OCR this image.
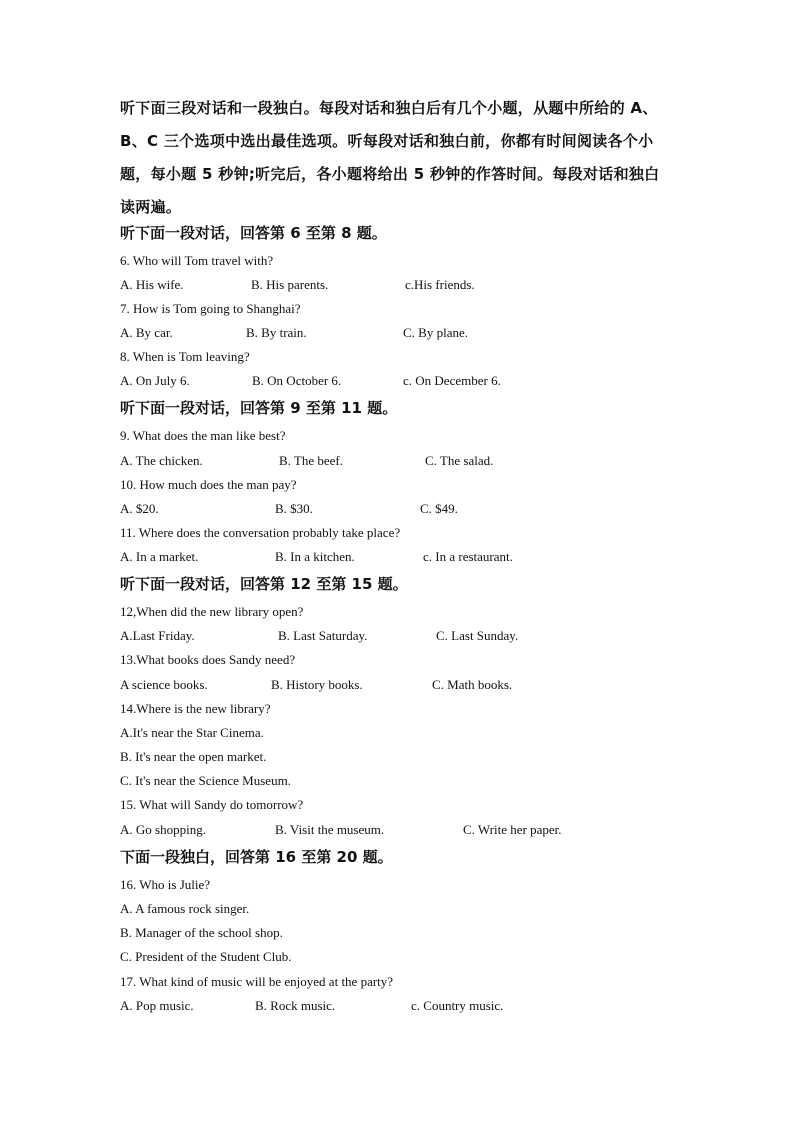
听下面三段对话和一段独白。每段对话和独白后有几个小题，从题中所给的 A、

B、C 三个选项中选出最佳选项。听每段对话和独白前，你都有时间阅读各个小

题，每小题 5 秒钟;听完后，各小题将给出 5 秒钟的作答时间。每段对话和独白

读两遍。

听下面一段对话，回答第 6 至第 8 题。

6. Who will Tom travel with?

A. His wife.	B. His parents.	c.His friends.

7. How is Tom going to Shanghai?

A. By car.	B. By train.	C. By plane.

8. When is Tom leaving?

A. On July 6.	B. On October 6.	c. On December 6.
听下面一段对话，回答第 9 至第 11 题。

9. What does the man like best?

A. The chicken.	B. The beef.	C. The salad.

10. How much does the man pay?

A. $20.	B. $30.	C. $49.

11. Where does the conversation probably take place?

A. In a market.	B. In a kitchen.	c. In a restaurant.
听下面一段对话，回答第 12 至第 15 题。

12,When did the new library open?

A.Last Friday.	B. Last Saturday.	C. Last Sunday.

13.What books does Sandy need?

A science books.	B. History books.	C. Math books.

14.Where is the new library?

A.It's near the Star Cinema.

B. It's near the open market.

C. It's near the Science Museum.

15. What will Sandy do tomorrow?

A. Go shopping.	B. Visit the museum.	C. Write her paper.
下面一段独白，回答第 16 至第 20 题。

16. Who is Julie?

A. A famous rock singer.

B. Manager of the school shop.

C. President of the Student Club.

17. What kind of music will be enjoyed at the party?

A. Pop music.	B. Rock music.	c. Country music.
